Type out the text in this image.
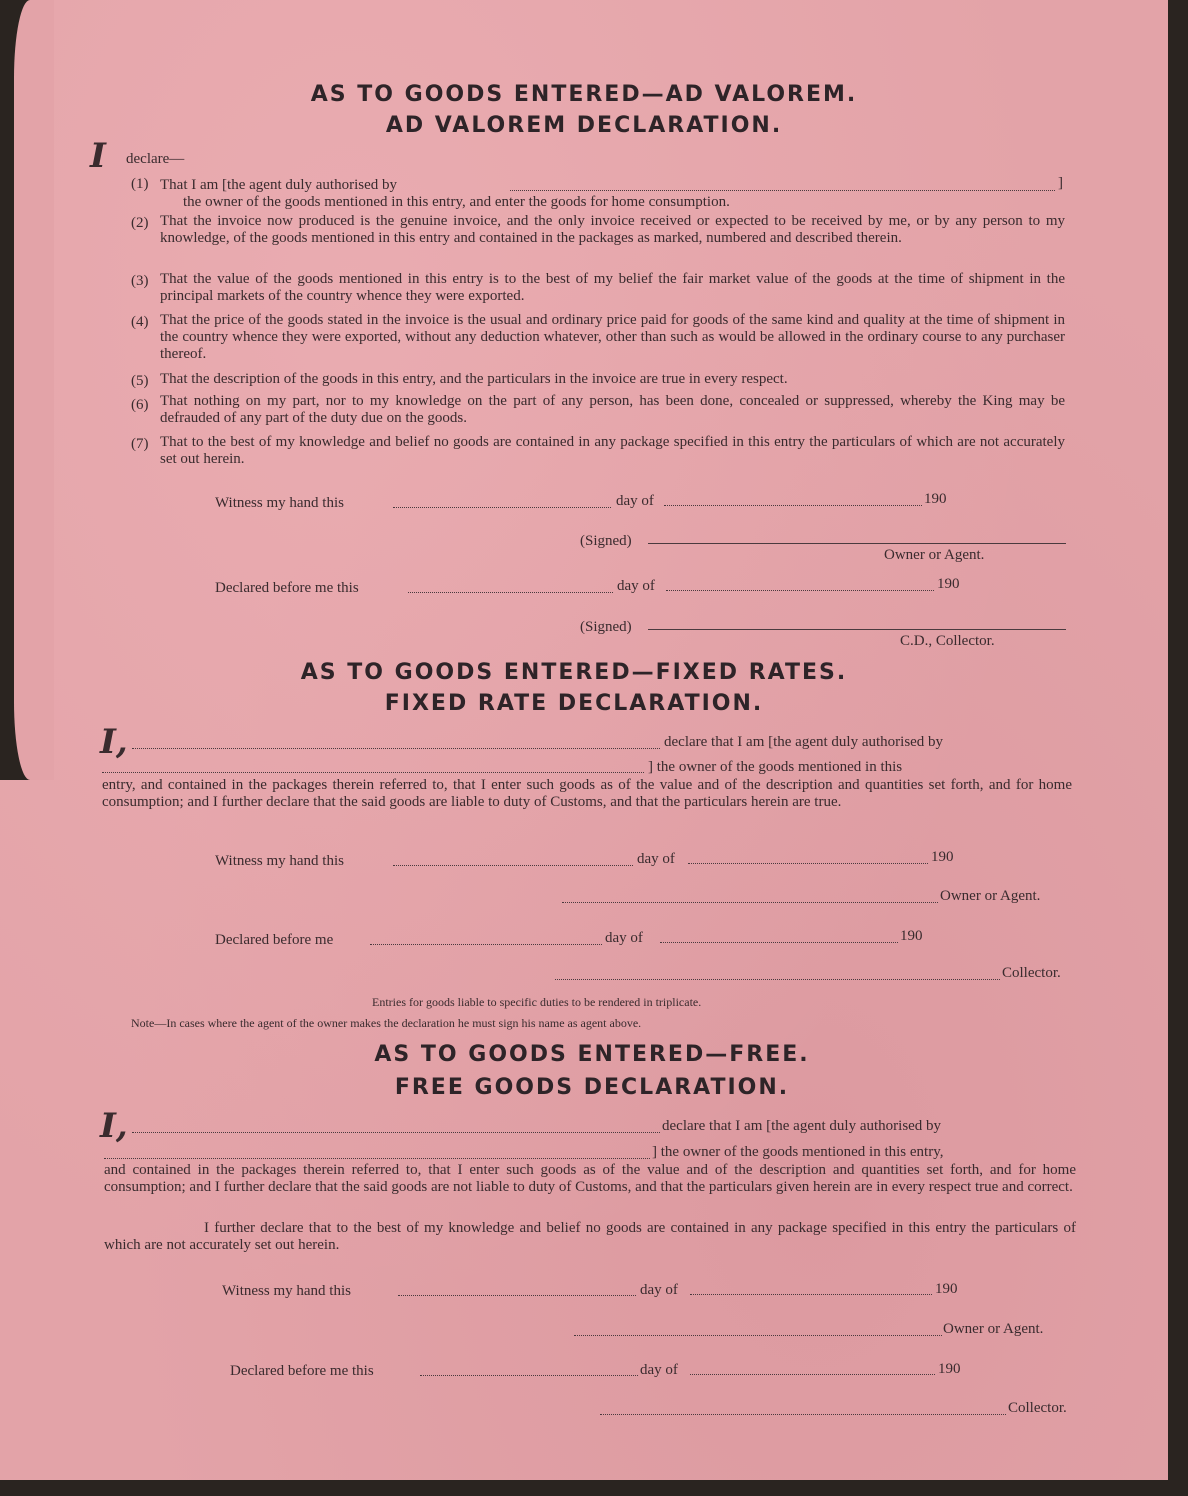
AS TO GOODS ENTERED—AD VALOREM.
AD VALOREM DECLARATION.
I declare—
(1) That I am [the agent duly authorised by	]
the owner of the goods mentioned in this entry, and enter the goods for home consumption.
(2) That the invoice now produced is the genuine invoice, and the only invoice received or expected to be received by me, or by any person to my knowledge, of the goods mentioned in this entry and contained in the packages as marked, numbered and described therein.
(3) That the value of the goods mentioned in this entry is to the best of my belief the fair market value of the goods at the time of shipment in the principal markets of the country whence they were exported.
(4) That the price of the goods stated in the invoice is the usual and ordinary price paid for goods of the same kind and quality at the time of shipment in the country whence they were exported, without any deduction whatever, other than such as would be allowed in the ordinary course to any purchaser thereof.
(5) That the description of the goods in this entry, and the particulars in the invoice are true in every respect.
(6) That nothing on my part, nor to my knowledge on the part of any person, has been done, concealed or suppressed, whereby the King may be defrauded of any part of the duty due on the goods.
(7) That to the best of my knowledge and belief no goods are contained in any package specified in this entry the particulars of which are not accurately set out herein.
Witness my hand this	day of	190
(Signed)
Owner or Agent.
Declared before me this	day of	190
(Signed)
C.D., Collector.
AS TO GOODS ENTERED—FIXED RATES.
FIXED RATE DECLARATION.
I,	declare that I am [the agent duly authorised by
] the owner of the goods mentioned in this
entry, and contained in the packages therein referred to, that I enter such goods as of the value and of the description and quantities set forth, and for home consumption; and I further declare that the said goods are liable to duty of Customs, and that the particulars herein are true.
Witness my hand this	day of	190
Owner or Agent.
Declared before me	day of	190
Collector.
Entries for goods liable to specific duties to be rendered in triplicate.
Note—In cases where the agent of the owner makes the declaration he must sign his name as agent above.
AS TO GOODS ENTERED—FREE.
FREE GOODS DECLARATION.
I,	declare that I am [the agent duly authorised by
] the owner of the goods mentioned in this entry,
and contained in the packages therein referred to, that I enter such goods as of the value and of the description and quantities set forth, and for home consumption; and I further declare that the said goods are not liable to duty of Customs, and that the particulars given herein are in every respect true and correct.
I further declare that to the best of my knowledge and belief no goods are contained in any package specified in this entry the particulars of which are not accurately set out herein.
Witness my hand this	day of	190
Owner or Agent.
Declared before me this	day of	190
Collector.
